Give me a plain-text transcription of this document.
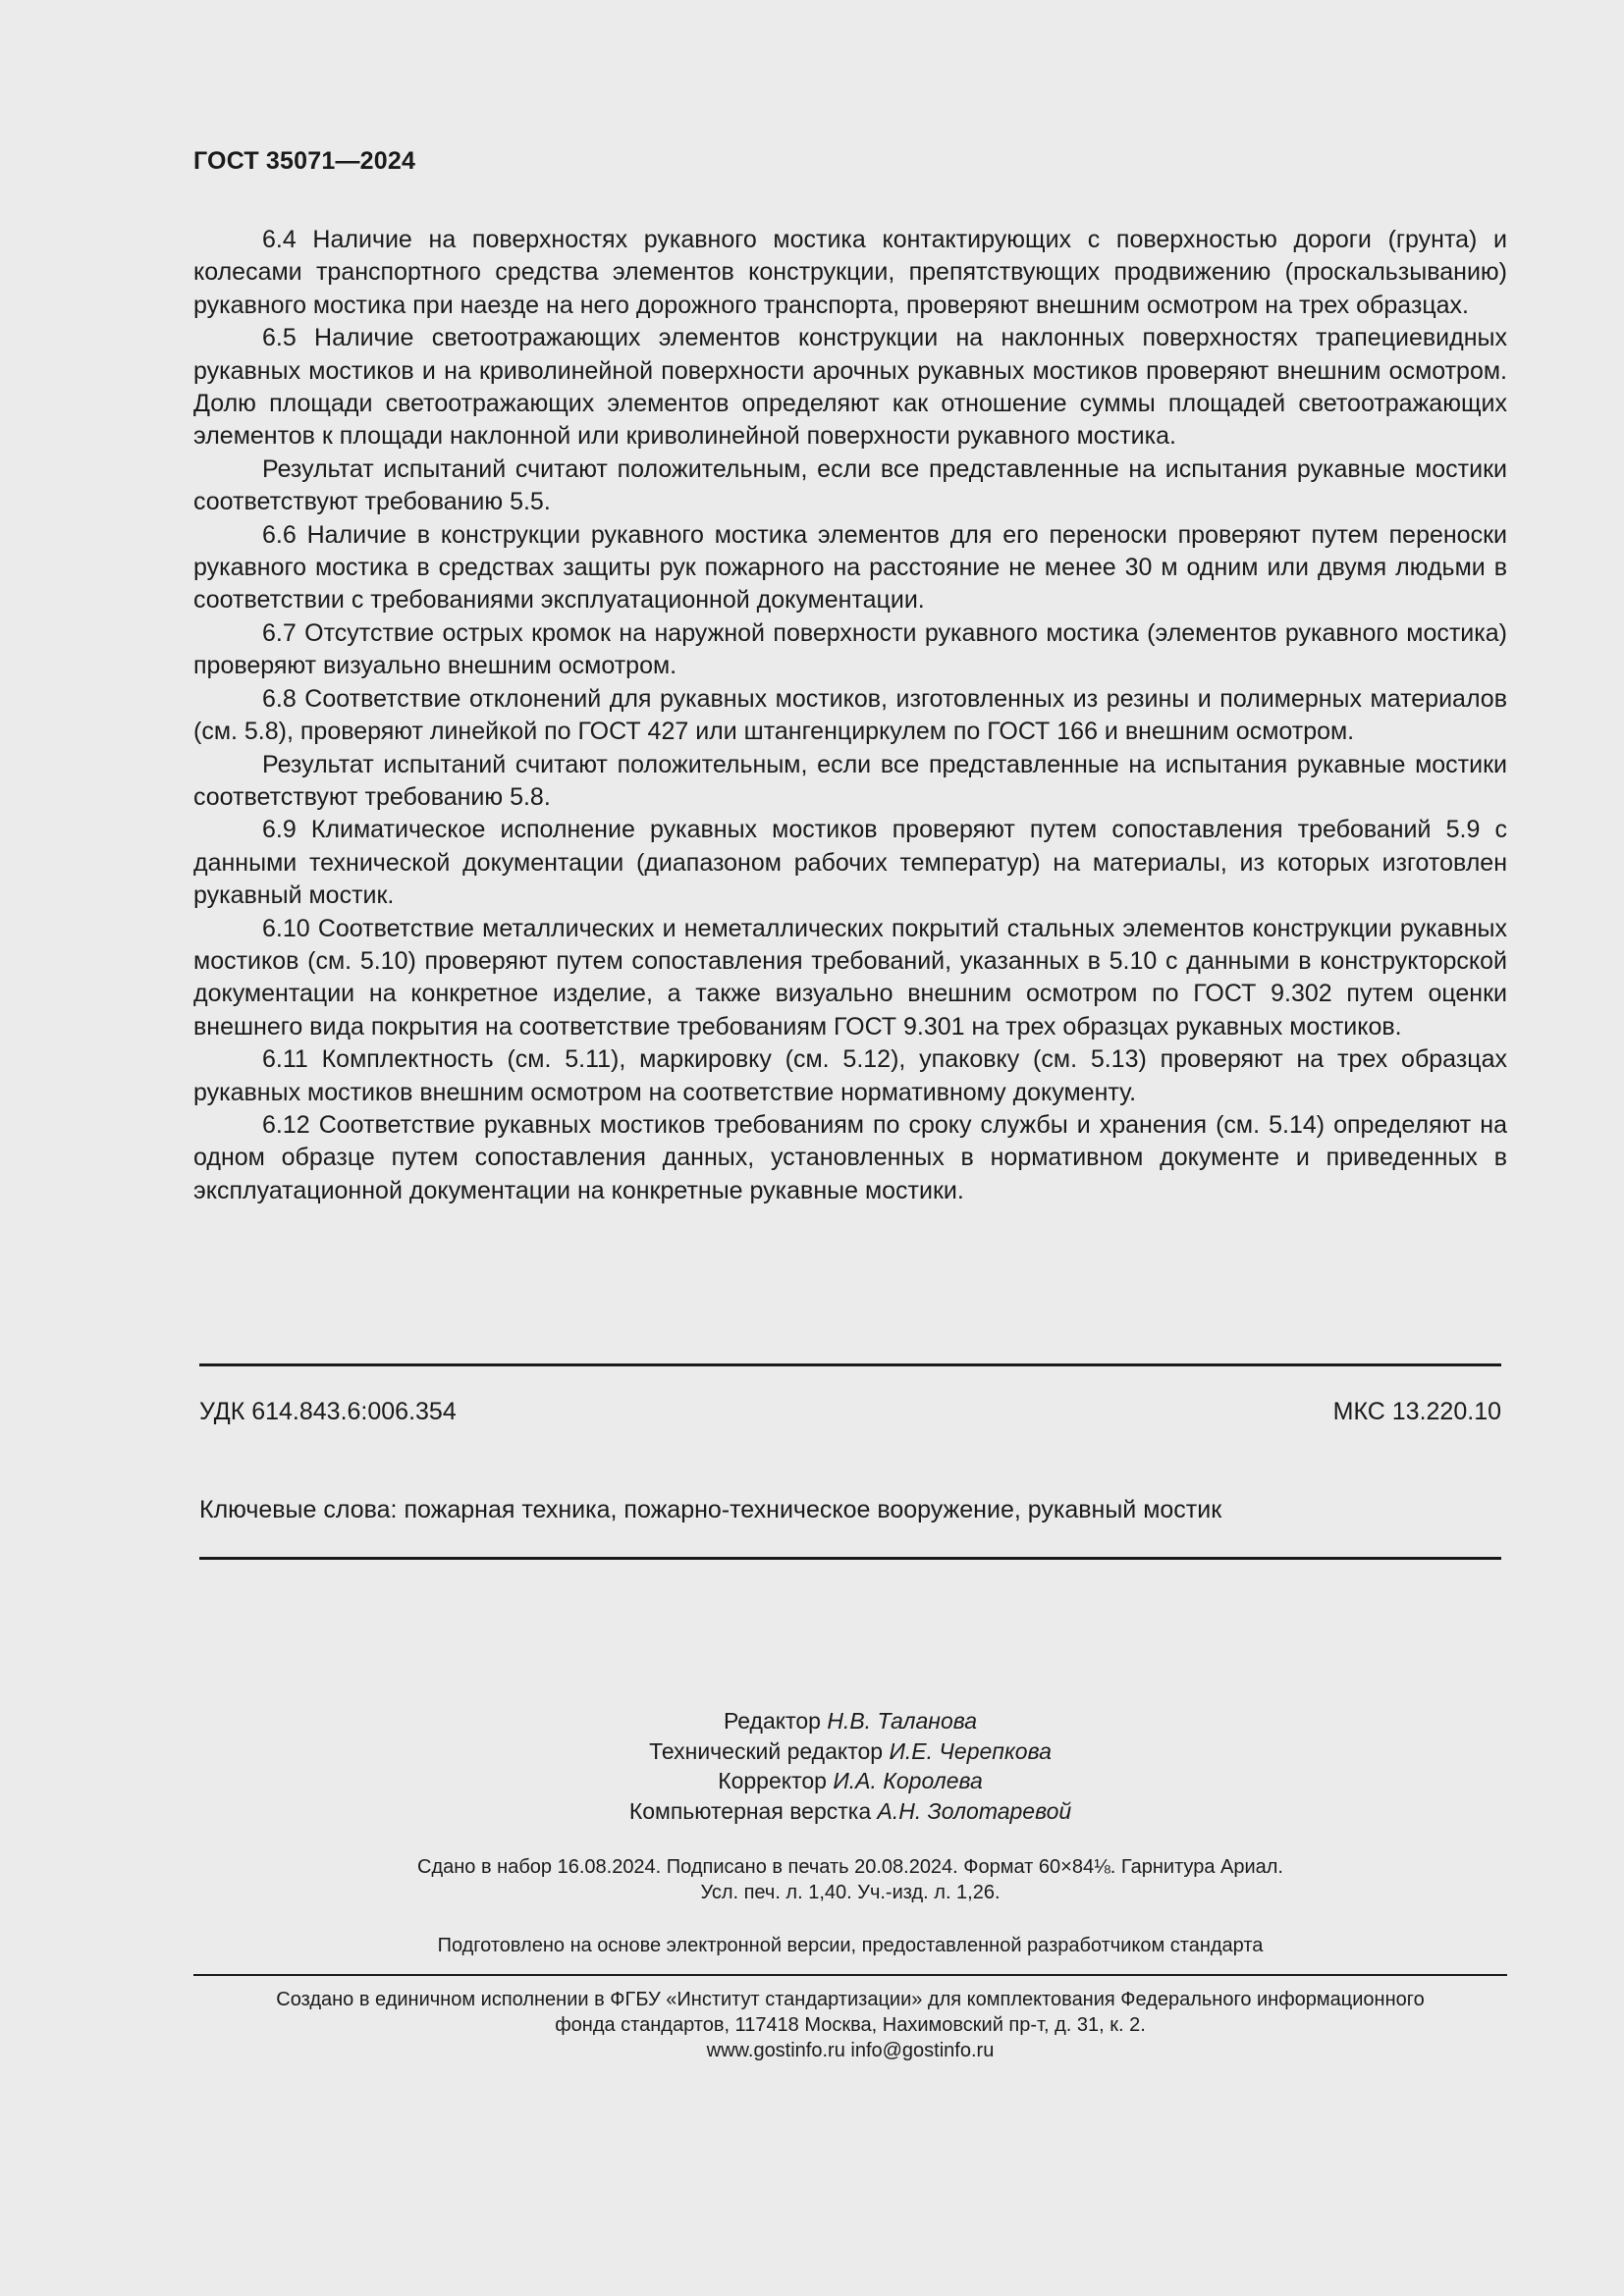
ГОСТ 35071—2024

6.4 Наличие на поверхностях рукавного мостика контактирующих с поверхностью дороги (грунта) и колесами транспортного средства элементов конструкции, препятствующих продвижению (проскальзыванию) рукавного мостика при наезде на него дорожного транспорта, проверяют внешним осмотром на трех образцах.

6.5 Наличие светоотражающих элементов конструкции на наклонных поверхностях трапециевидных рукавных мостиков и на криволинейной поверхности арочных рукавных мостиков проверяют внешним осмотром. Долю площади светоотражающих элементов определяют как отношение суммы площадей светоотражающих элементов к площади наклонной или криволинейной поверхности рукавного мостика.

Результат испытаний считают положительным, если все представленные на испытания рукавные мостики соответствуют требованию 5.5.

6.6 Наличие в конструкции рукавного мостика элементов для его переноски проверяют путем переноски рукавного мостика в средствах защиты рук пожарного на расстояние не менее 30 м одним или двумя людьми в соответствии с требованиями эксплуатационной документации.

6.7 Отсутствие острых кромок на наружной поверхности рукавного мостика (элементов рукавного мостика) проверяют визуально внешним осмотром.

6.8 Соответствие отклонений для рукавных мостиков, изготовленных из резины и полимерных материалов (см. 5.8), проверяют линейкой по ГОСТ 427 или штангенциркулем по ГОСТ 166 и внешним осмотром.

Результат испытаний считают положительным, если все представленные на испытания рукавные мостики соответствуют требованию 5.8.

6.9 Климатическое исполнение рукавных мостиков проверяют путем сопоставления требований 5.9 с данными технической документации (диапазоном рабочих температур) на материалы, из которых изготовлен рукавный мостик.

6.10 Соответствие металлических и неметаллических покрытий стальных элементов конструкции рукавных мостиков (см. 5.10) проверяют путем сопоставления требований, указанных в 5.10 с данными в конструкторской документации на конкретное изделие, а также визуально внешним осмотром по ГОСТ 9.302 путем оценки внешнего вида покрытия на соответствие требованиям ГОСТ 9.301 на трех образцах рукавных мостиков.

6.11 Комплектность (см. 5.11), маркировку (см. 5.12), упаковку (см. 5.13) проверяют на трех образцах рукавных мостиков внешним осмотром на соответствие нормативному документу.

6.12 Соответствие рукавных мостиков требованиям по сроку службы и хранения (см. 5.14) определяют на одном образце путем сопоставления данных, установленных в нормативном документе и приведенных в эксплуатационной документации на конкретные рукавные мостики.

УДК 614.843.6:006.354	МКС 13.220.10
Ключевые слова: пожарная техника, пожарно-техническое вооружение, рукавный мостик
Редактор Н.В. Таланова
Технический редактор И.Е. Черепкова
Корректор И.А. Королева
Компьютерная верстка А.Н. Золотаревой
Сдано в набор 16.08.2024. Подписано в печать 20.08.2024. Формат 60×84⅛. Гарнитура Ариал.
Усл. печ. л. 1,40. Уч.-изд. л. 1,26.
Подготовлено на основе электронной версии, предоставленной разработчиком стандарта
Создано в единичном исполнении в ФГБУ «Институт стандартизации» для комплектования Федерального информационного
фонда стандартов, 117418 Москва, Нахимовский пр-т, д. 31, к. 2.
www.gostinfo.ru info@gostinfo.ru
